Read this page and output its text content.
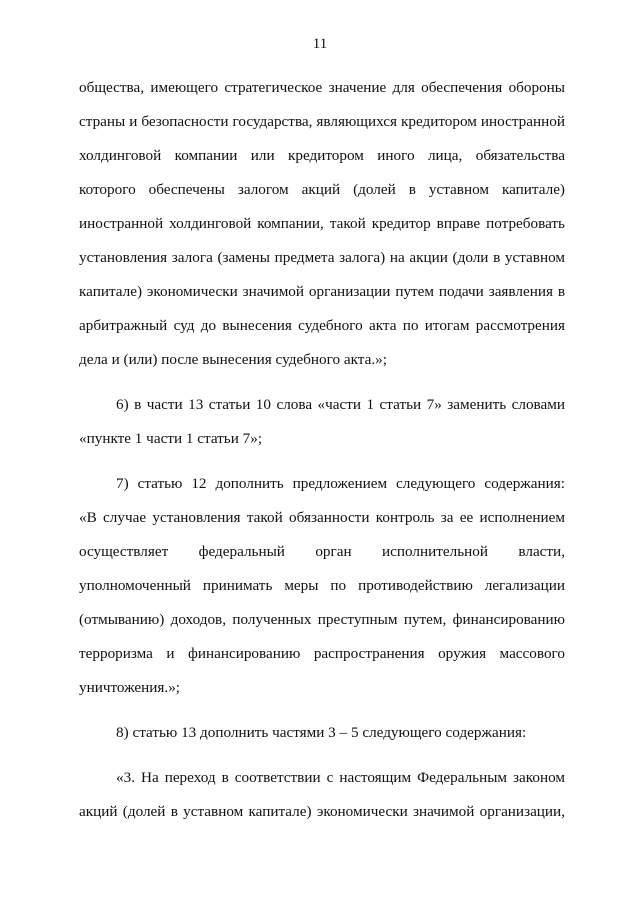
11

общества, имеющего стратегическое значение для обеспечения обороны
страны и безопасности государства, являющихся кредитором иностранной
холдинговой компании или кредитором иного лица, обязательства
которого обеспечены залогом акций (долей в уставном капитале)
иностранной холдинговой компании, такой кредитор вправе потребовать
установления залога (замены предмета залога) на акции (доли в уставном
капитале) экономически значимой организации путем подачи заявления в
арбитражный суд до вынесения судебного акта по итогам рассмотрения
дела и (или) после вынесения судебного акта.»;

6) в части 13 статьи 10 слова «части 1 статьи 7» заменить словами
«пункте 1 части 1 статьи 7»;

7) статью 12 дополнить предложением следующего содержания:
«В случае установления такой обязанности контроль за ее исполнением
осуществляет федеральный орган исполнительной власти,
уполномоченный принимать меры по противодействию легализации
(отмыванию) доходов, полученных преступным путем, финансированию
терроризма и финансированию распространения оружия массового
уничтожения.»;

8) статью 13 дополнить частями 3 – 5 следующего содержания:

«3. На переход в соответствии с настоящим Федеральным законом
акций (долей в уставном капитале) экономически значимой организации,
